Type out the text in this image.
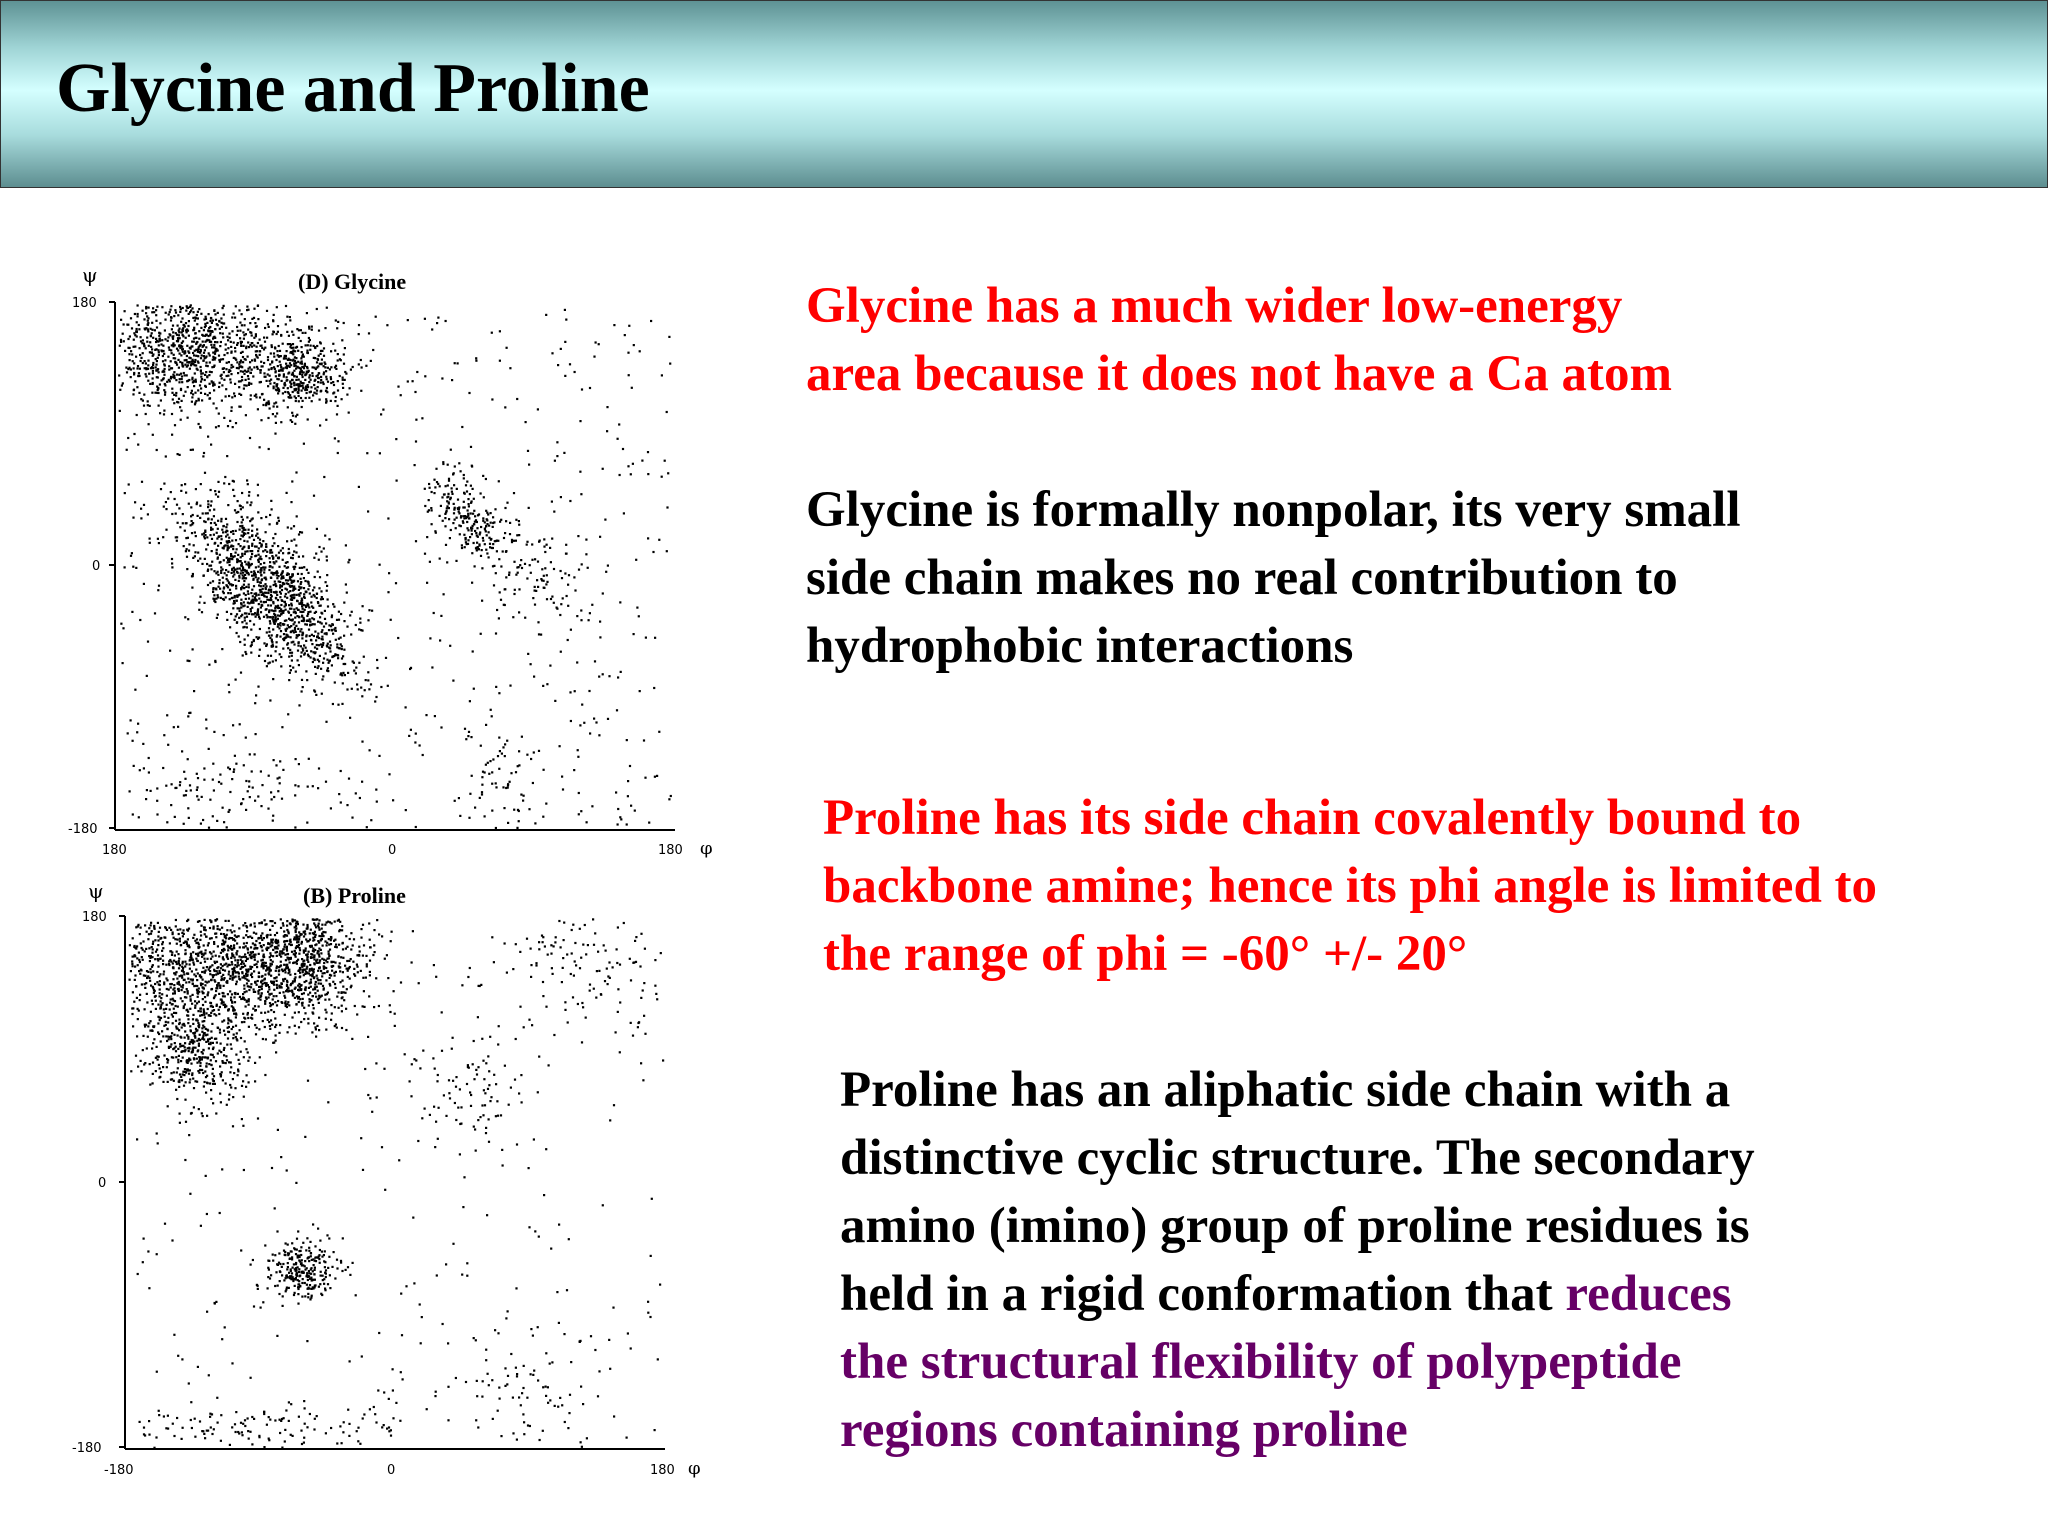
Glycine and Proline
ψ	(D) Glycine
180
0
-180
180	0	180 φ
ψ	(B) Proline
180
0
-180
-180	0	180 φ
Glycine has a much wider low-energy
area because it does not have a Ca atom
Glycine is formally nonpolar, its very small
side chain makes no real contribution to
hydrophobic interactions
Proline has its side chain covalently bound to
backbone amine; hence its phi angle is limited to
the range of phi = -60° +/- 20°
Proline has an aliphatic side chain with a
distinctive cyclic structure. The secondary
amino (imino) group of proline residues is
held in a rigid conformation that reduces
the structural flexibility of polypeptide
regions containing proline
